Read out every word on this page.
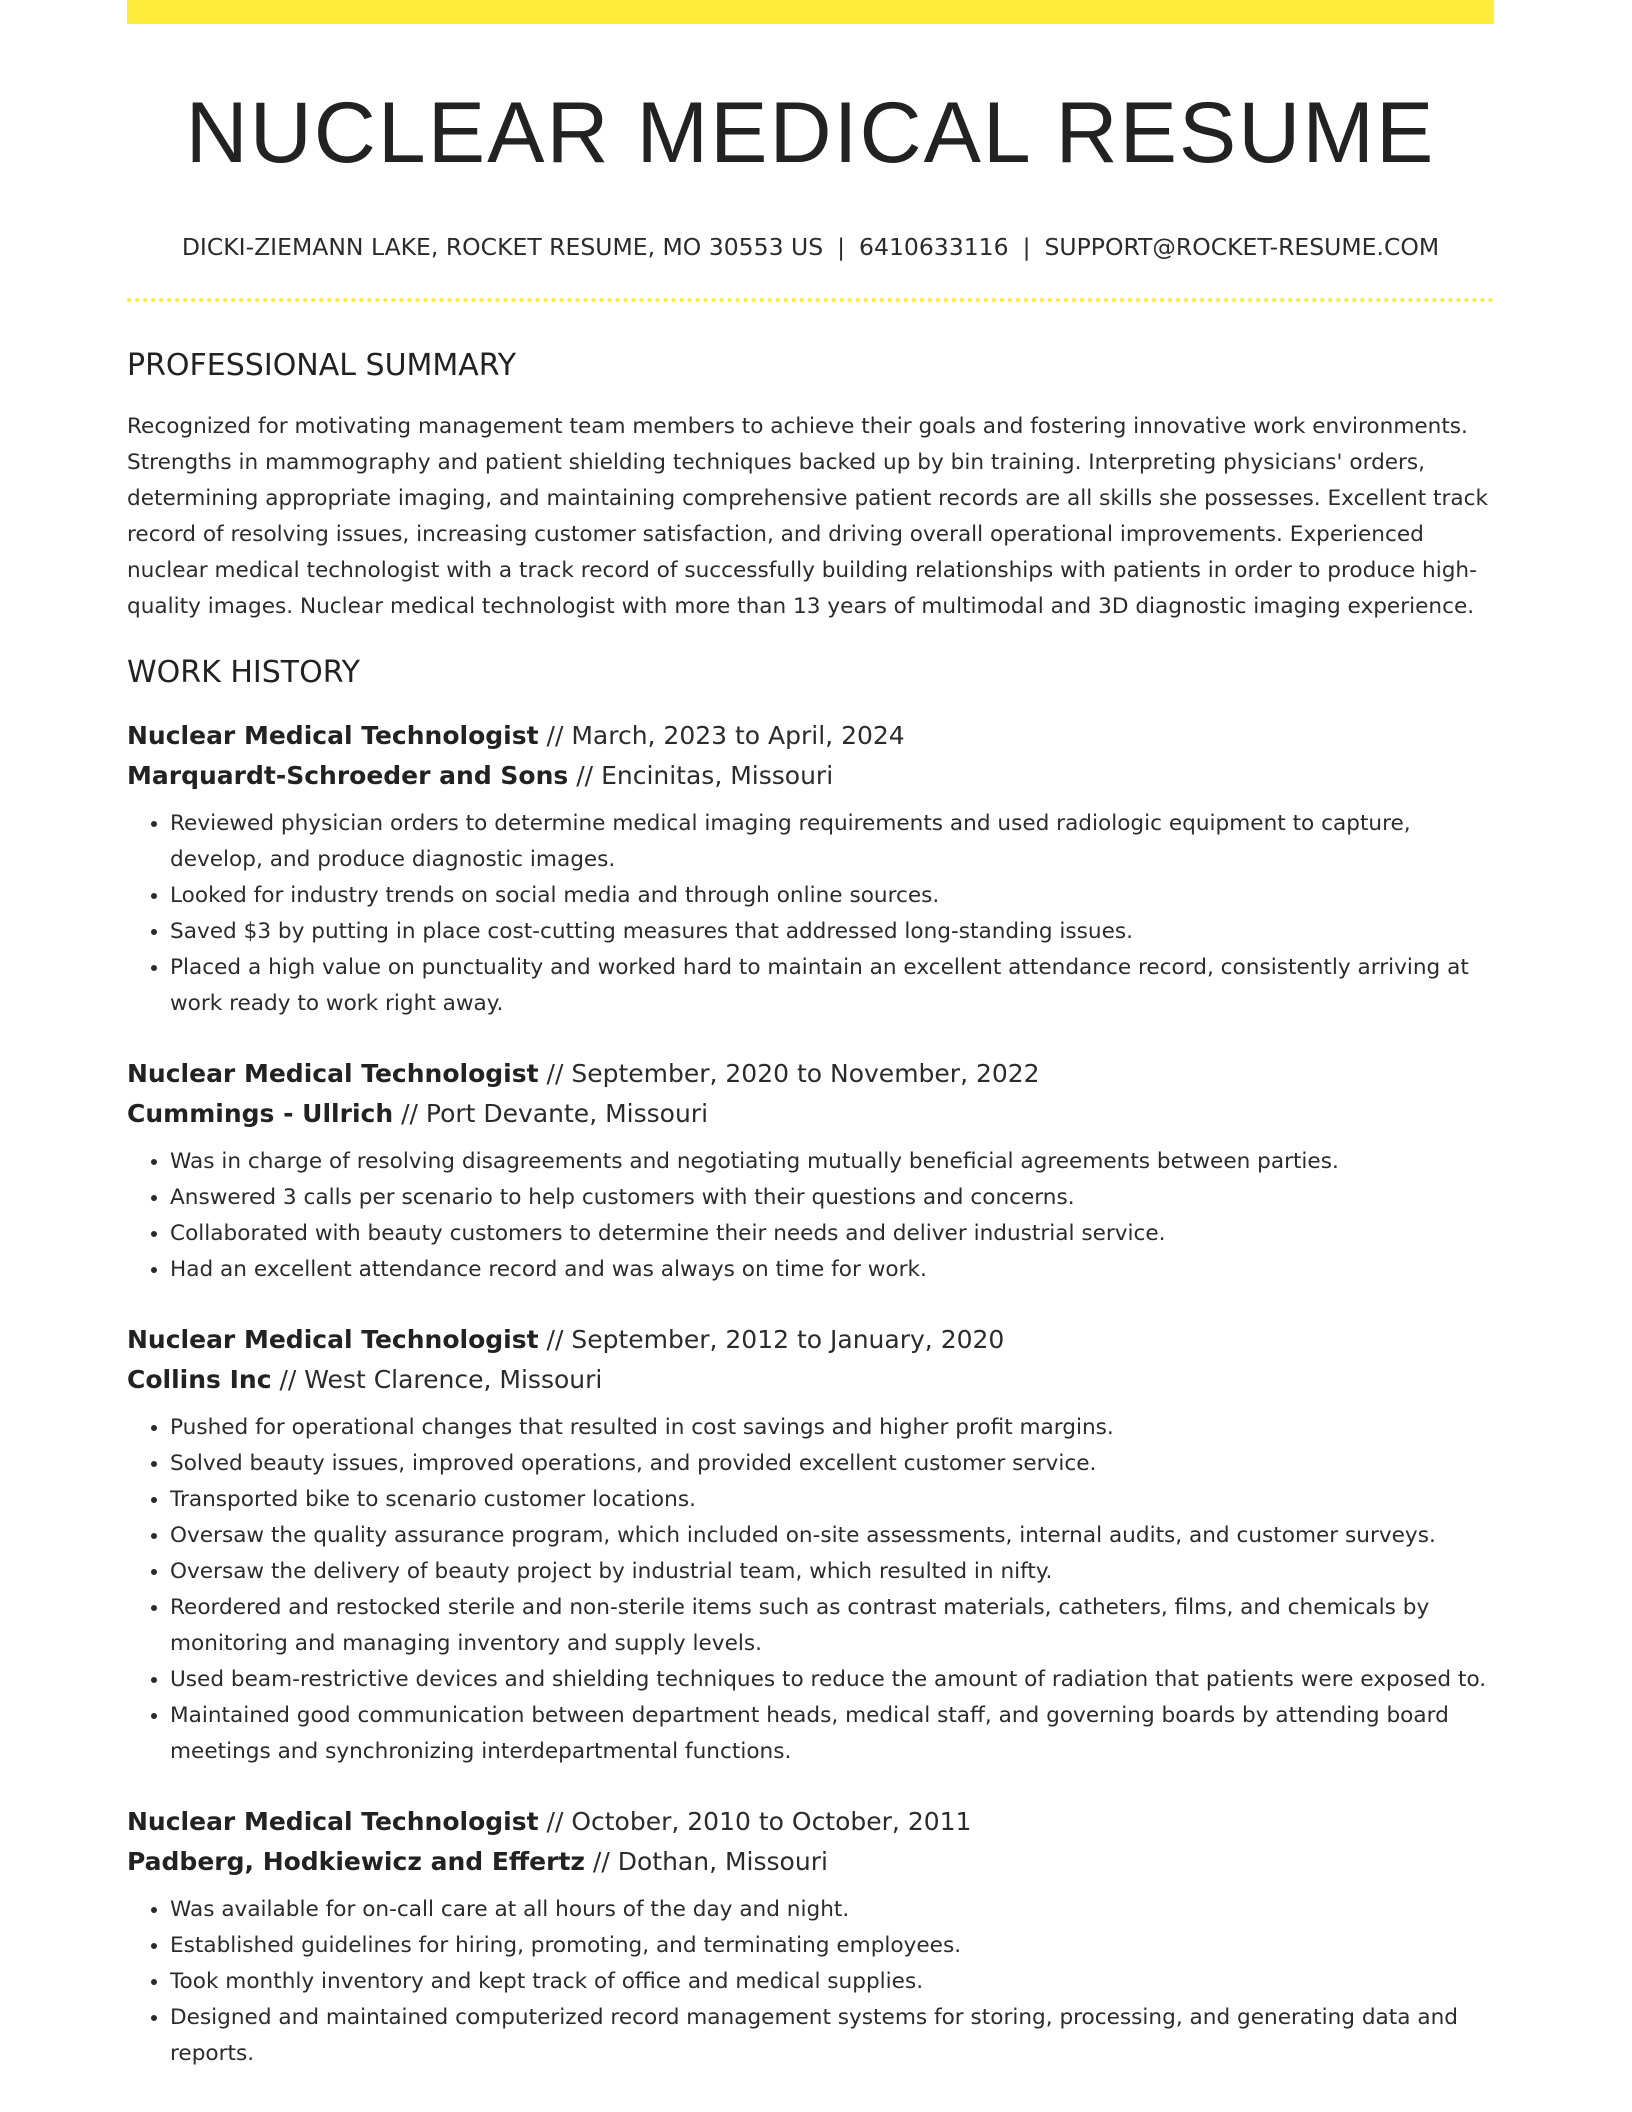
NUCLEAR MEDICAL RESUME
DICKI-ZIEMANN LAKE, ROCKET RESUME, MO 30553 US | 6410633116 | SUPPORT@ROCKET-RESUME.COM
PROFESSIONAL SUMMARY

Recognized for motivating management team members to achieve their goals and fostering innovative work environments. Strengths in mammography and patient shielding techniques backed up by bin training. Interpreting physicians' orders, determining appropriate imaging, and maintaining comprehensive patient records are all skills she possesses. Excellent track record of resolving issues, increasing customer satisfaction, and driving overall operational improvements. Experienced nuclear medical technologist with a track record of successfully building relationships with patients in order to produce high-quality images. Nuclear medical technologist with more than 13 years of multimodal and 3D diagnostic imaging experience.

WORK HISTORY
Nuclear Medical Technologist // March, 2023 to April, 2024
Marquardt-Schroeder and Sons // Encinitas, Missouri
• Reviewed physician orders to determine medical imaging requirements and used radiologic equipment to capture, develop, and produce diagnostic images.
• Looked for industry trends on social media and through online sources.
• Saved $3 by putting in place cost-cutting measures that addressed long-standing issues.
• Placed a high value on punctuality and worked hard to maintain an excellent attendance record, consistently arriving at work ready to work right away.
Nuclear Medical Technologist // September, 2020 to November, 2022
Cummings - Ullrich // Port Devante, Missouri
• Was in charge of resolving disagreements and negotiating mutually beneficial agreements between parties.
• Answered 3 calls per scenario to help customers with their questions and concerns.
• Collaborated with beauty customers to determine their needs and deliver industrial service.
• Had an excellent attendance record and was always on time for work.
Nuclear Medical Technologist // September, 2012 to January, 2020
Collins Inc // West Clarence, Missouri
• Pushed for operational changes that resulted in cost savings and higher profit margins.
• Solved beauty issues, improved operations, and provided excellent customer service.
• Transported bike to scenario customer locations.
• Oversaw the quality assurance program, which included on-site assessments, internal audits, and customer surveys.
• Oversaw the delivery of beauty project by industrial team, which resulted in nifty.
• Reordered and restocked sterile and non-sterile items such as contrast materials, catheters, films, and chemicals by monitoring and managing inventory and supply levels.
• Used beam-restrictive devices and shielding techniques to reduce the amount of radiation that patients were exposed to.
• Maintained good communication between department heads, medical staff, and governing boards by attending board meetings and synchronizing interdepartmental functions.
Nuclear Medical Technologist // October, 2010 to October, 2011
Padberg, Hodkiewicz and Effertz // Dothan, Missouri
• Was available for on-call care at all hours of the day and night.
• Established guidelines for hiring, promoting, and terminating employees.
• Took monthly inventory and kept track of office and medical supplies.
• Designed and maintained computerized record management systems for storing, processing, and generating data and reports.
